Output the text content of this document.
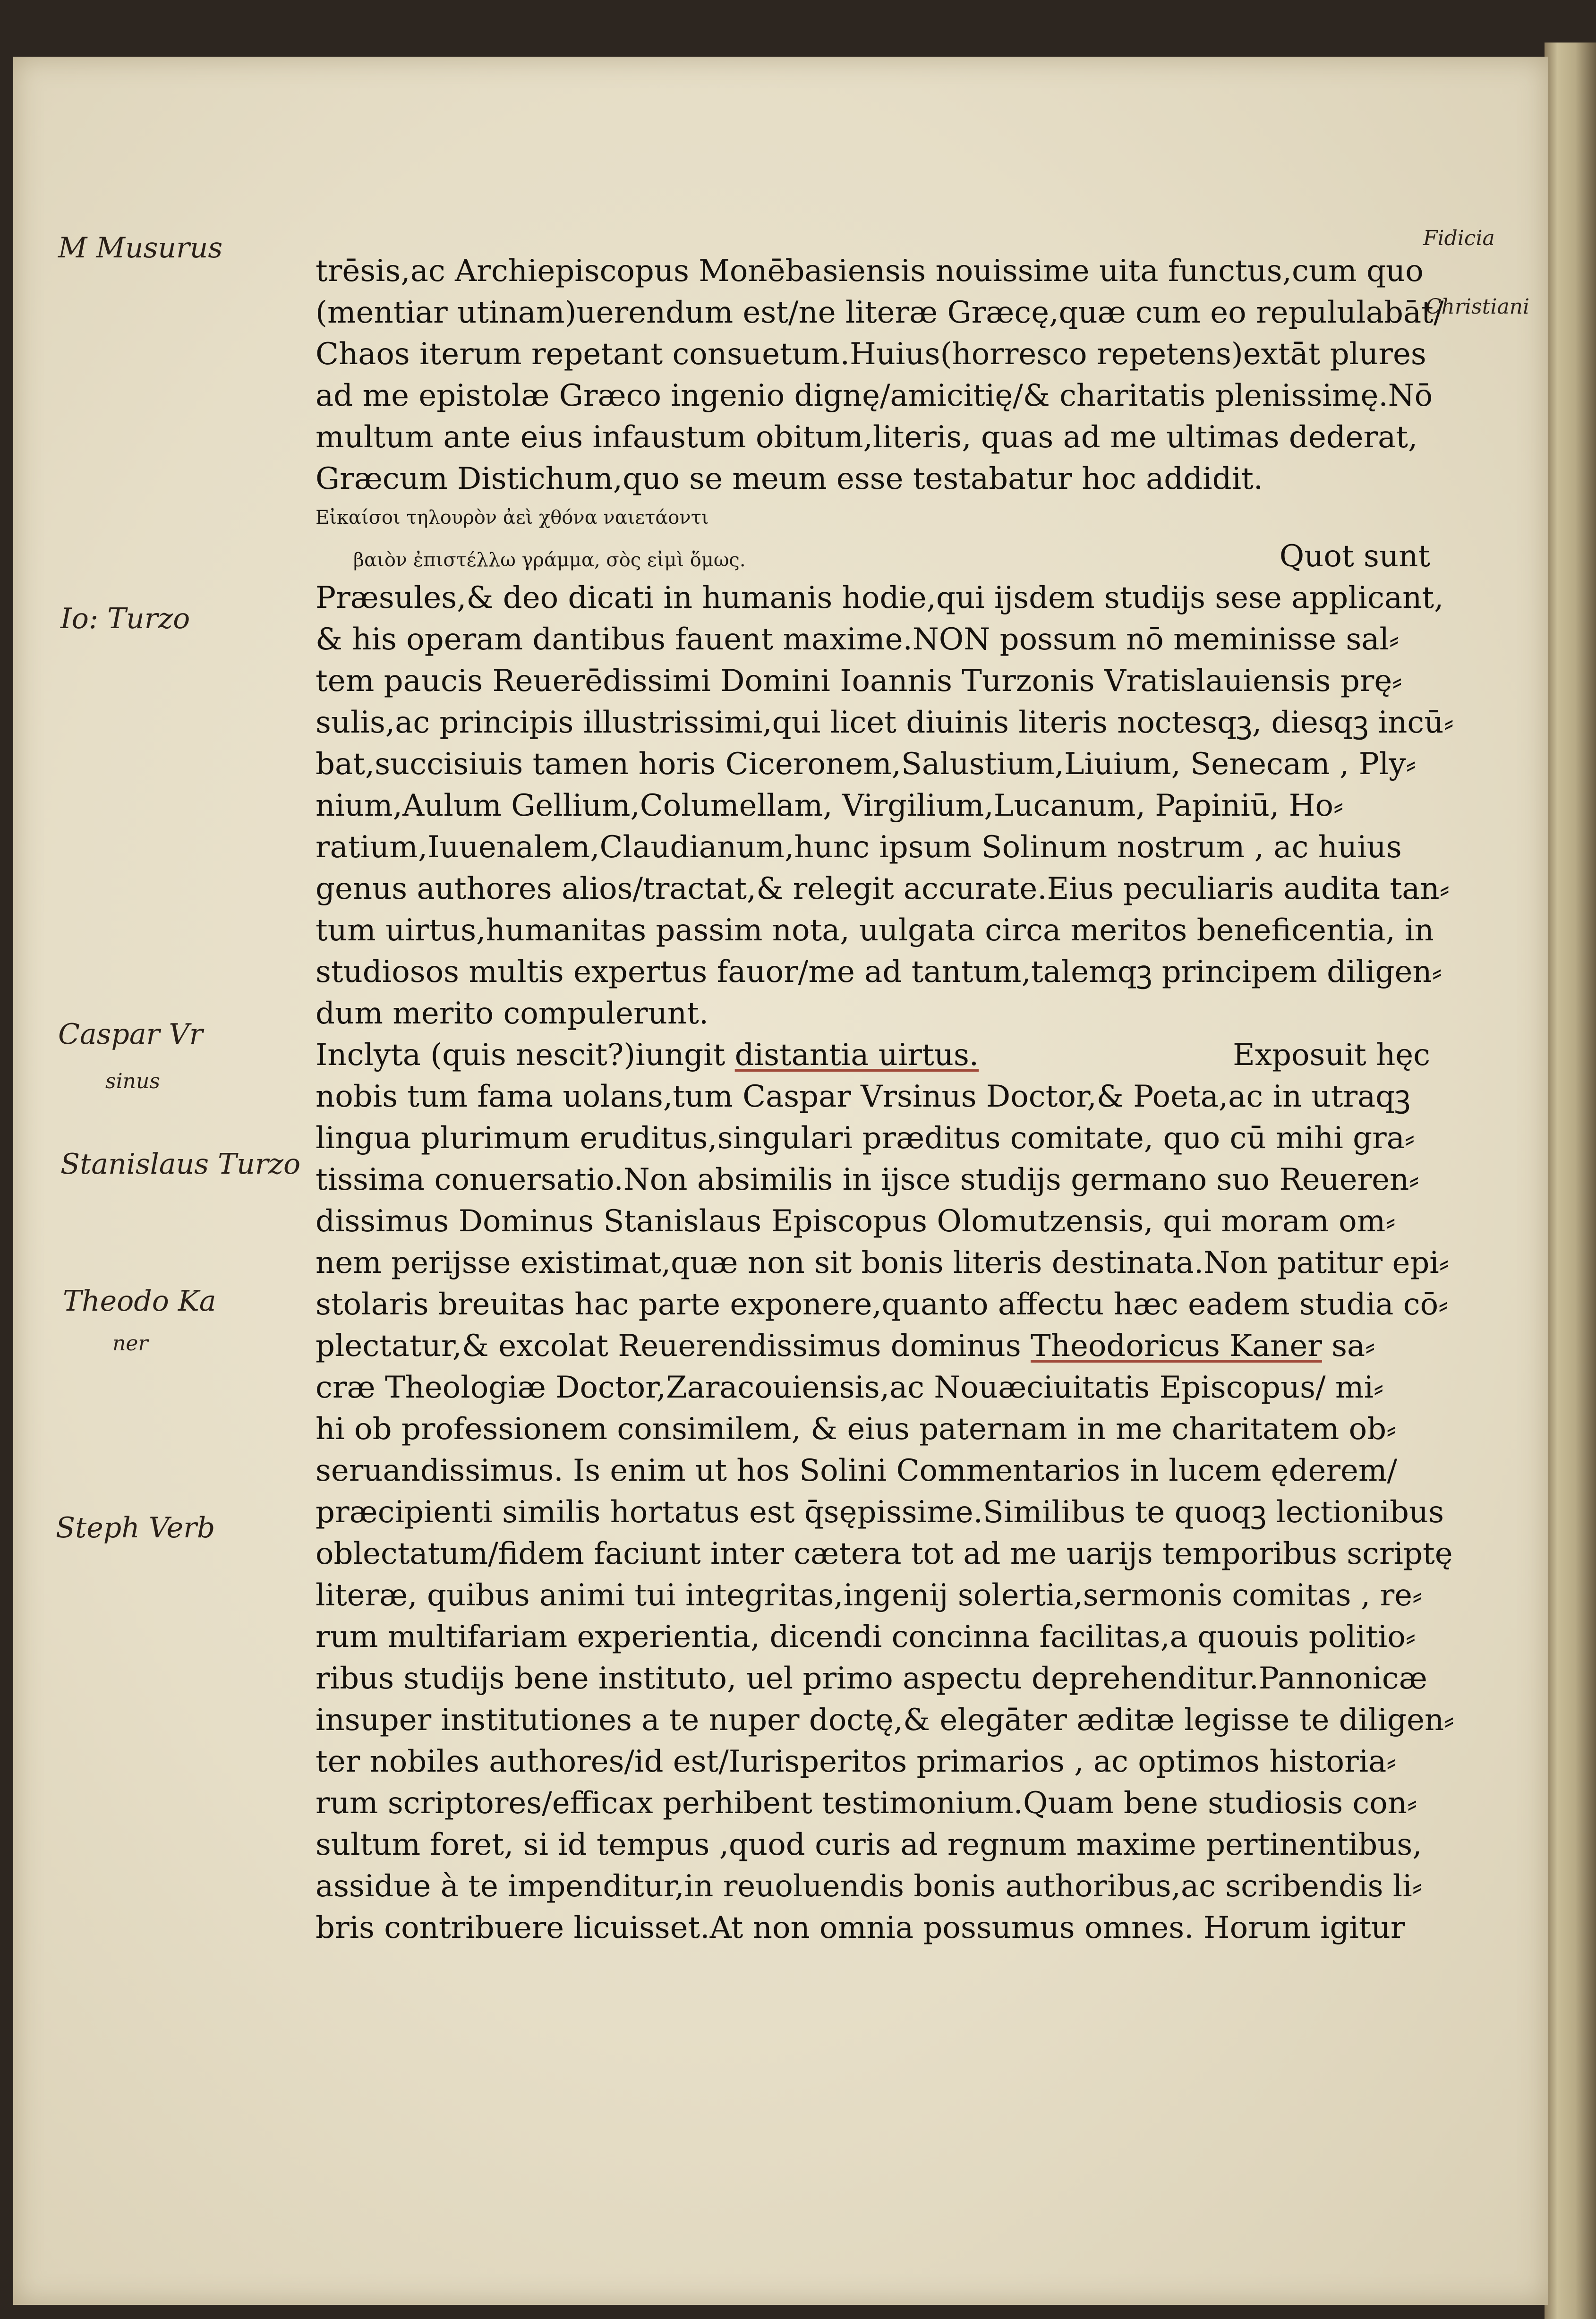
M Musurus
Io: Turzo
Caspar Vr
sinus
Stanislaus Turzo
Theodo Ka
ner
Steph Verb
Fidicia
Christiani
trēsis,ac Archiepiscopus Monēbasiensis nouissime uita functus,cum quo
(mentiar utinam)uerendum est/ne literæ Græcę,quæ cum eo repululabāt/
Chaos iterum repetant consuetum.Huius(horresco repetens)extāt plures
ad me epistolæ Græco ingenio dignę/amicitię/& charitatis plenissimę.Nō
multum ante eius infaustum obitum,literis, quas ad me ultimas dederat,
Græcum Distichum,quo se meum esse testabatur hoc addidit.
Εἰκαίσοι τηλουρὸν ἀεὶ χθόνα ναιετάοντι
βαιὸν ἐπιστέλλω γράμμα, σὸς εἰμὶ ὅμως.	Quot sunt
Præsules,& deo dicati in humanis hodie,qui ijsdem studijs sese applicant,
& his operam dantibus fauent maxime.NON possum nō meminisse sal⸗
tem paucis Reuerēdissimi Domini Ioannis Turzonis Vratislauiensis prę⸗
sulis,ac principis illustrissimi,qui licet diuinis literis noctesqꝫ, diesqꝫ incū⸗
bat,succisiuis tamen horis Ciceronem,Salustium,Liuium, Senecam , Ply⸗
nium,Aulum Gellium,Columellam, Virgilium,Lucanum, Papiniū, Ho⸗
ratium,Iuuenalem,Claudianum,hunc ipsum Solinum nostrum , ac huius
genus authores alios/tractat,& relegit accurate.Eius peculiaris audita tan⸗
tum uirtus,humanitas passim nota, uulgata circa meritos beneficentia, in
studiosos multis expertus fauor/me ad tantum,talemqꝫ principem diligen⸗
dum merito compulerunt.
Inclyta (quis nescit?)iungit distantia uirtus.	Exposuit hęc
nobis tum fama uolans,tum Caspar Vrsinus Doctor,& Poeta,ac in utraqꝫ
lingua plurimum eruditus,singulari præditus comitate, quo cū mihi gra⸗
tissima conuersatio.Non absimilis in ijsce studijs germano suo Reueren⸗
dissimus Dominus Stanislaus Episcopus Olomutzensis, qui moram om⸗
nem perijsse existimat,quæ non sit bonis literis destinata.Non patitur epi⸗
stolaris breuitas hac parte exponere,quanto affectu hæc eadem studia cō⸗
plectatur,& excolat Reuerendissimus dominus Theodoricus Kaner sa⸗
cræ Theologiæ Doctor,Zaracouiensis,ac Nouæciuitatis Episcopus/ mi⸗
hi ob professionem consimilem, & eius paternam in me charitatem ob⸗
seruandissimus. Is enim ut hos Solini Commentarios in lucem ęderem/
præcipienti similis hortatus est q̄sępissime.Similibus te quoqꝫ lectionibus
oblectatum/fidem faciunt inter cætera tot ad me uarijs temporibus scriptę
literæ, quibus animi tui integritas,ingenij solertia,sermonis comitas , re⸗
rum multifariam experientia, dicendi concinna facilitas,a quouis politio⸗
ribus studijs bene instituto, uel primo aspectu deprehenditur.Pannonicæ
insuper institutiones a te nuper doctę,& elegāter æditæ legisse te diligen⸗
ter nobiles authores/id est/Iurisperitos primarios , ac optimos historia⸗
rum scriptores/efficax perhibent testimonium.Quam bene studiosis con⸗
sultum foret, si id tempus ,quod curis ad regnum maxime pertinentibus,
assidue à te impenditur,in reuoluendis bonis authoribus,ac scribendis li⸗
bris contribuere licuisset.At non omnia possumus omnes. Horum igitur
